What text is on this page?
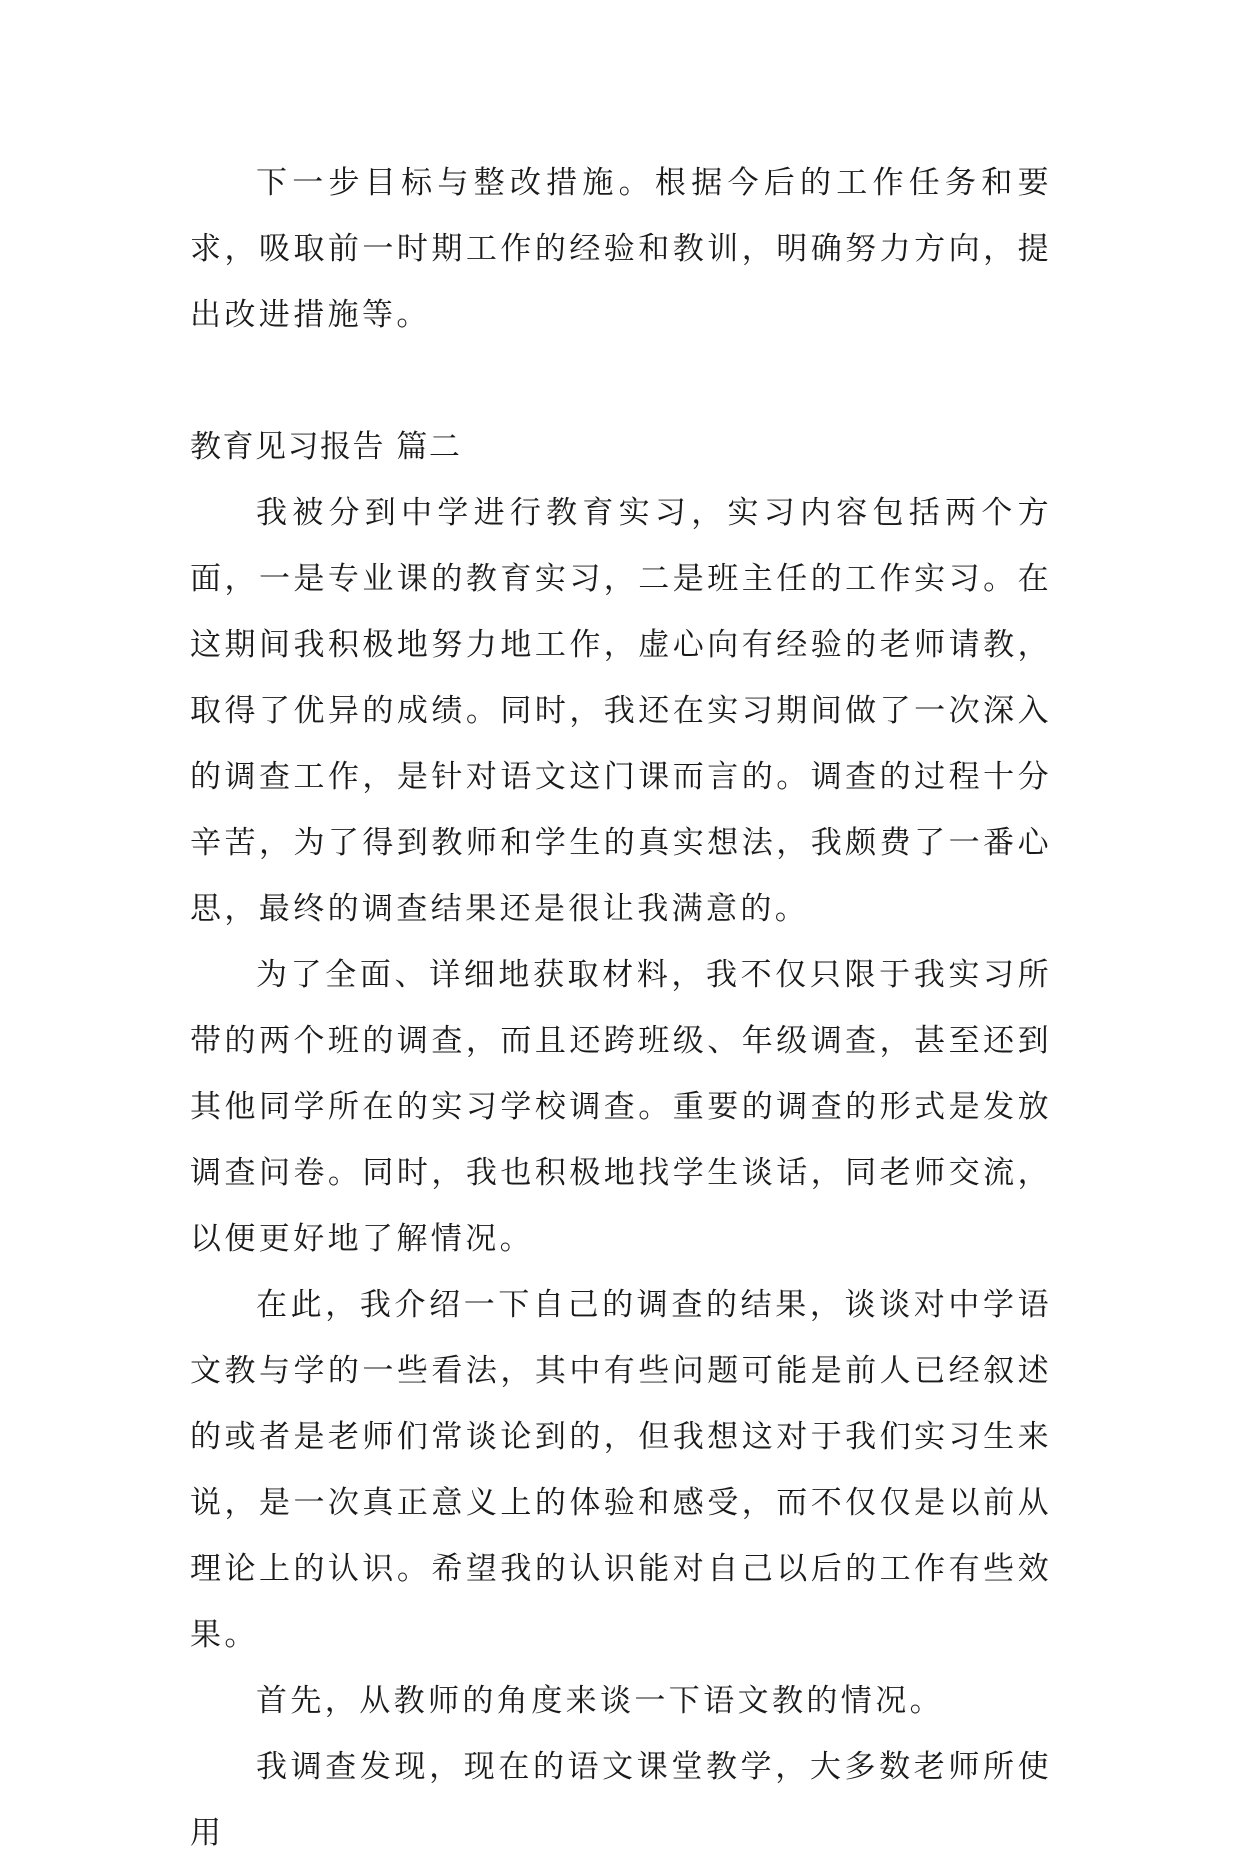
下一步目标与整改措施。根据今后的工作任务和要求，吸取前一时期工作的经验和教训，明确努力方向，提出改进措施等。

教育见习报告 篇二

我被分到中学进行教育实习，实习内容包括两个方面，一是专业课的教育实习，二是班主任的工作实习。在这期间我积极地努力地工作，虚心向有经验的老师请教，取得了优异的成绩。同时，我还在实习期间做了一次深入的调查工作，是针对语文这门课而言的。调查的过程十分辛苦，为了得到教师和学生的真实想法，我颇费了一番心思，最终的调查结果还是很让我满意的。

为了全面、详细地获取材料，我不仅只限于我实习所带的两个班的调查，而且还跨班级、年级调查，甚至还到其他同学所在的实习学校调查。重要的调查的形式是发放调查问卷。同时，我也积极地找学生谈话，同老师交流，以便更好地了解情况。

在此，我介绍一下自己的调查的结果，谈谈对中学语文教与学的一些看法，其中有些问题可能是前人已经叙述的或者是老师们常谈论到的，但我想这对于我们实习生来说，是一次真正意义上的体验和感受，而不仅仅是以前从理论上的认识。希望我的认识能对自己以后的工作有些效果。

首先，从教师的角度来谈一下语文教的情况。

我调查发现，现在的语文课堂教学，大多数老师所使用
